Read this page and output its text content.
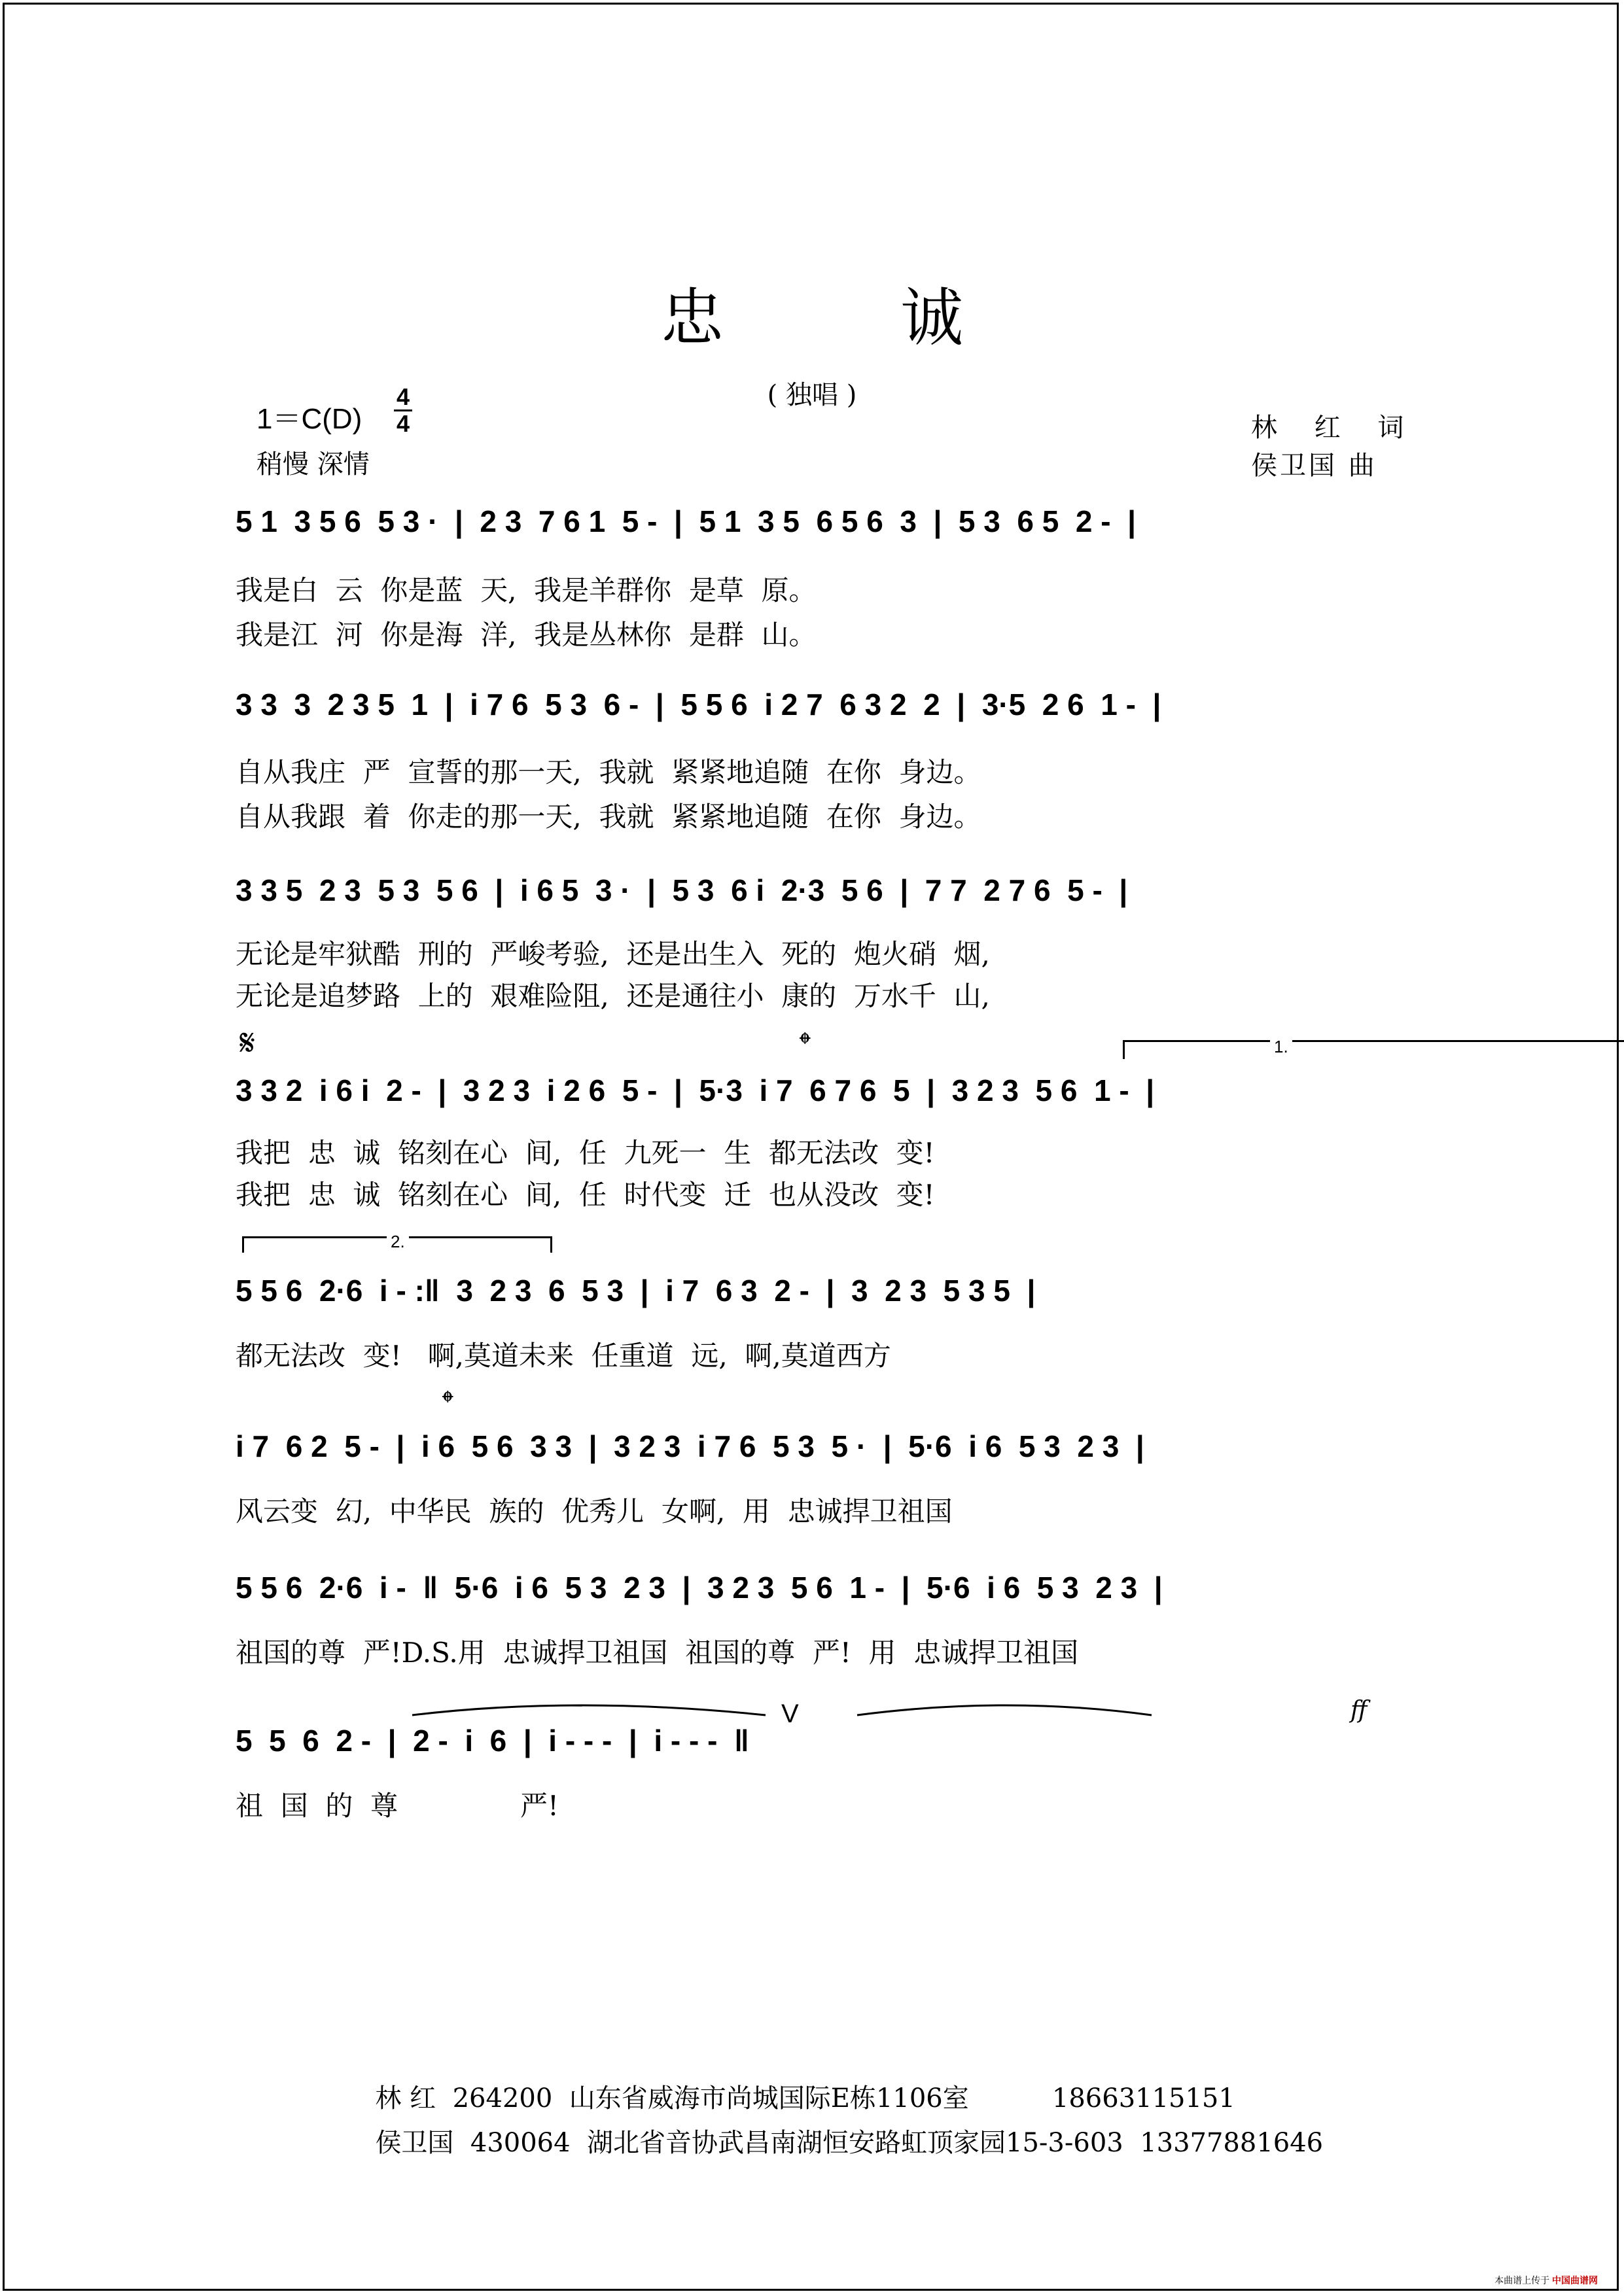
忠 诚
( 独唱 )
1＝C(D)
4
4
稍慢 深情
林 红 词
侯卫国 曲
5 1  3 5 6  5 3 ·  |  2 3  7 6 1  5 -  |  5 1  3 5  6 5 6  3  |  5 3  6 5  2 -  |
我是白  云  你是蓝  天,  我是羊群你  是草  原。
我是江  河  你是海  洋,  我是丛林你  是群  山。
3 3  3  2 3 5  1  |  i 7 6  5 3  6 -  |  5 5 6  i 2 7  6 3 2  2  |  3·5  2 6  1 -  |
自从我庄  严  宣誓的那一天,  我就  紧紧地追随  在你  身边。
自从我跟  着  你走的那一天,  我就  紧紧地追随  在你  身边。
3 3 5  2 3  5 3  5 6  |  i 6 5  3 ·  |  5 3  6 i  2·3  5 6  |  7 7  2 7 6  5 -  |
无论是牢狱酷  刑的  严峻考验,  还是出生入  死的  炮火硝  烟,
无论是追梦路  上的  艰难险阻,  还是通往小  康的  万水千  山,
𝄋	𝄌	1.
3 3 2  i 6 i  2 -  |  3 2 3  i 2 6  5 -  |  5·3  i 7  6 7 6  5  |  3 2 3  5 6  1 -  |
我把  忠  诚  铭刻在心  间,  任  九死一  生  都无法改  变!
我把  忠  诚  铭刻在心  间,  任  时代变  迁  也从没改  变!
2.
5 5 6  2·6  i - :‖  3  2 3  6  5 3  |  i 7  6 3  2 -  |  3  2 3  5 3 5  |
都无法改  变!   啊,莫道未来  任重道  远,  啊,莫道西方
𝄌
i 7  6 2  5 -  |  i 6  5 6  3 3  |  3 2 3  i 7 6  5 3  5 ·  |  5·6  i 6  5 3  2 3  |
风云变  幻,  中华民  族的  优秀儿  女啊,  用  忠诚捍卫祖国
5 5 6  2·6  i -  ‖  5·6  i 6  5 3  2 3  |  3 2 3  5 6  1 -  |  5·6  i 6  5 3  2 3  |
祖国的尊  严!D.S.用  忠诚捍卫祖国  祖国的尊  严!  用  忠诚捍卫祖国
V	ff
5  5  6  2 -  |  2 -  i  6  |  i - - -  |  i - - -  ‖
祖  国  的  尊              严!

林 红 264200 山东省威海市尚城国际E栋1106室	18663115151

侯卫国 430064 湖北省音协武昌南湖恒安路虹顶家园15-3-603 13377881646

本曲谱上传于 中国曲谱网
